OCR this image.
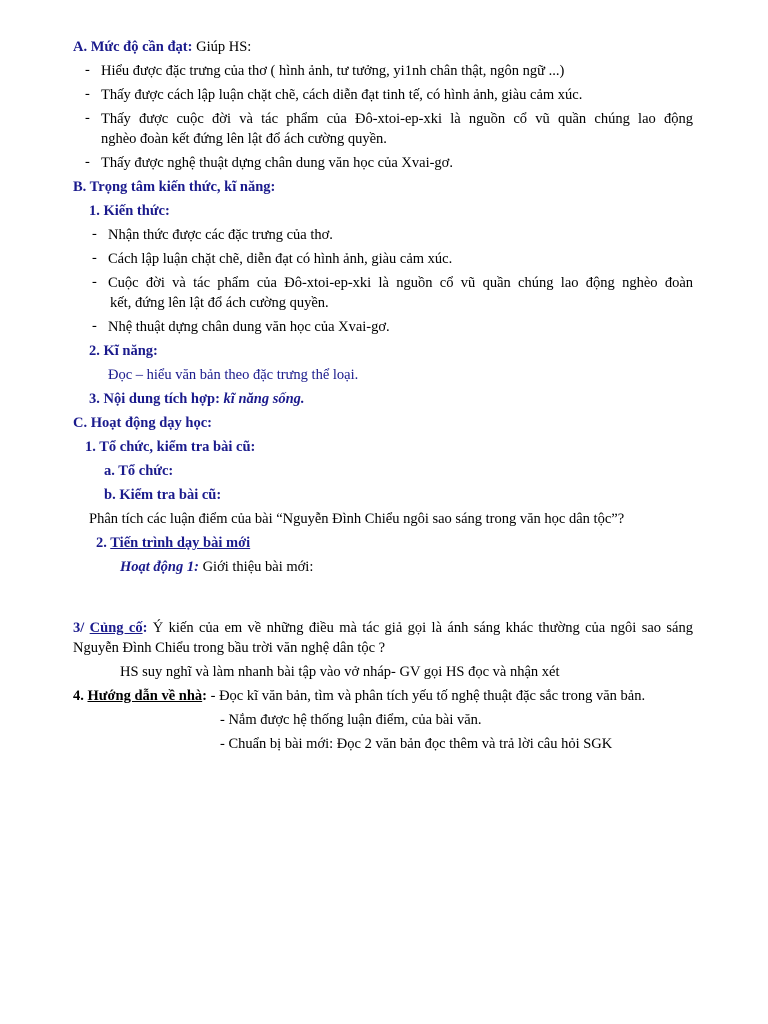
A. Mức độ cần đạt: Giúp HS:
- Hiểu được đặc trưng của thơ ( hình ảnh, tư tưởng, yi1nh chân thật, ngôn ngữ ...)
- Thấy được cách lập luận chặt chẽ, cách diễn đạt tinh tế, có hình ảnh, giàu cảm xúc.
- Thấy được cuộc đời và tác phẩm của Đô-xtoi-ep-xki là nguồn cổ vũ quần chúng lao động
nghèo đoàn kết đứng lên lật đổ ách cường quyền.
- Thấy được nghệ thuật dựng chân dung văn học của Xvai-gơ.
B. Trọng tâm kiến thức, kĩ năng:
1. Kiến thức:
- Nhận thức được các đặc trưng của thơ.
- Cách lập luận chặt chẽ, diễn đạt có hình ảnh, giàu cảm xúc.
- Cuộc đời và tác phẩm của Đô-xtoi-ep-xki là nguồn cổ vũ quần chúng lao động nghèo đoàn
kết, đứng lên lật đổ ách cường quyền.
- Nhệ thuật dựng chân dung văn học của Xvai-gơ.
2. Kĩ năng:
Đọc – hiểu văn bản theo đặc trưng thể loại.
3. Nội dung tích hợp: kĩ năng sống.
C. Hoạt động dạy học:
1. Tổ chức, kiểm tra bài cũ:
a. Tổ chức:
b. Kiểm tra bài cũ:
Phân tích các luận điểm của bài “Nguyễn Đình Chiểu ngôi sao sáng trong văn học dân tộc”?
2. Tiến trình dạy bài mới
Hoạt động 1: Giới thiệu bài mới:
3/ Củng cố: Ý kiến của em về những điều mà tác giả gọi là ánh sáng khác thường của ngôi sao sáng
Nguyễn Đình Chiểu trong bầu trời văn nghệ dân tộc ?
HS suy nghĩ và làm nhanh bài tập vào vở nháp- GV gọi HS đọc và nhận xét
4. Hướng dẫn về nhà: - Đọc kĩ văn bản, tìm và phân tích yếu tố nghệ thuật đặc sắc trong văn bản.
- Nắm được hệ thống luận điểm, của bài văn.
- Chuẩn bị bài mới: Đọc 2 văn bản đọc thêm và trả lời câu hỏi SGK
